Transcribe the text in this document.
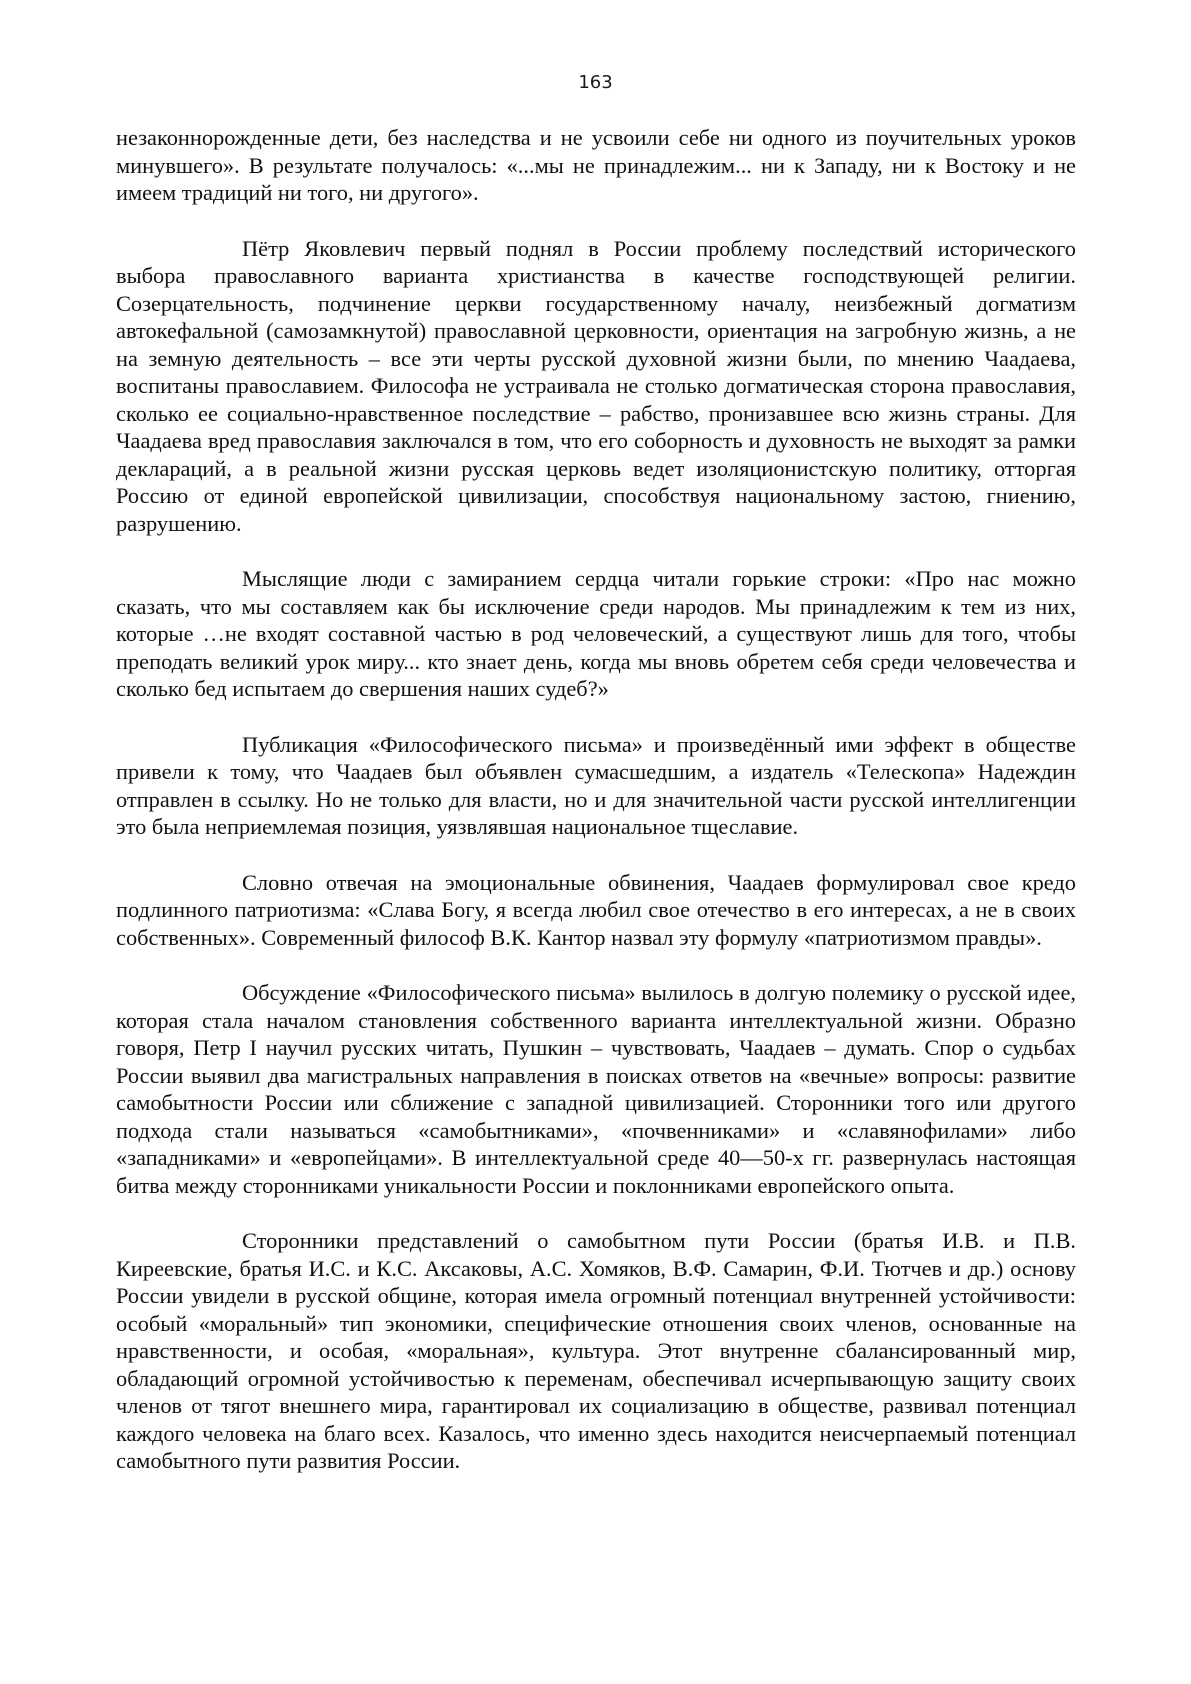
163

незаконнорожденные дети, без наследства и не усвоили себе ни одного из поучительных уроков минувшего». В результате получалось: «...мы не принадлежим... ни к Западу, ни к Востоку и не имеем традиций ни того, ни другого».

Пётр Яковлевич первый поднял в России проблему последствий исторического выбора православного варианта христианства в качестве господствующей религии. Созерцательность, подчинение церкви государственному началу, неизбежный догматизм автокефальной (самозамкнутой) православной церковности, ориентация на загробную жизнь, а не на земную деятельность – все эти черты русской духовной жизни были, по мнению Чаадаева, воспитаны православием. Философа не устраивала не столько догматическая сторона православия, сколько ее социально-нравственное последствие – рабство, пронизавшее всю жизнь страны. Для Чаадаева вред православия заключался в том, что его соборность и духовность не выходят за рамки деклараций, а в реальной жизни русская церковь ведет изоляционистскую политику, отторгая Россию от единой европейской цивилизации, способствуя национальному застою, гниению, разрушению.

Мыслящие люди с замиранием сердца читали горькие строки: «Про нас можно сказать, что мы составляем как бы исключение среди народов. Мы принадлежим к тем из них, которые …не входят составной частью в род человеческий, а существуют лишь для того, чтобы преподать великий урок миру... кто знает день, когда мы вновь обретем себя среди человечества и сколько бед испытаем до свершения наших судеб?»

Публикация «Философического письма» и произведённый ими эффект в обществе привели к тому, что Чаадаев был объявлен сумасшедшим, а издатель «Телескопа» Надеждин отправлен в ссылку. Но не только для власти, но и для значительной части русской интеллигенции это была неприемлемая позиция, уязвлявшая национальное тщеславие.

Словно отвечая на эмоциональные обвинения, Чаадаев формулировал свое кредо подлинного патриотизма: «Слава Богу, я всегда любил свое отечество в его интересах, а не в своих собственных». Современный философ В.К. Кантор назвал эту формулу «патриотизмом правды».

Обсуждение «Философического письма» вылилось в долгую полемику о русской идее, которая стала началом становления собственного варианта интеллектуальной жизни. Образно говоря, Петр I научил русских читать, Пушкин – чувствовать, Чаадаев – думать. Спор о судьбах России выявил два магистральных направления в поисках ответов на «вечные» вопросы: развитие самобытности России или сближение с западной цивилизацией. Сторонники того или другого подхода стали называться «самобытниками», «почвенниками» и «славянофилами» либо «западниками» и «европейцами». В интеллектуальной среде 40—50-х гг. развернулась настоящая битва между сторонниками уникальности России и поклонниками европейского опыта.

Сторонники представлений о самобытном пути России (братья И.В. и П.В. Киреевские, братья И.С. и К.С. Аксаковы, А.С. Хомяков, В.Ф. Самарин, Ф.И. Тютчев и др.) основу России увидели в русской общине, которая имела огромный потенциал внутренней устойчивости: особый «моральный» тип экономики, специфические отношения своих членов, основанные на нравственности, и особая, «моральная», культура. Этот внутренне сбалансированный мир, обладающий огромной устойчивостью к переменам, обеспечивал исчерпывающую защиту своих членов от тягот внешнего мира, гарантировал их социализацию в обществе, развивал потенциал каждого человека на благо всех. Казалось, что именно здесь находится неисчерпаемый потенциал самобытного пути развития России.
